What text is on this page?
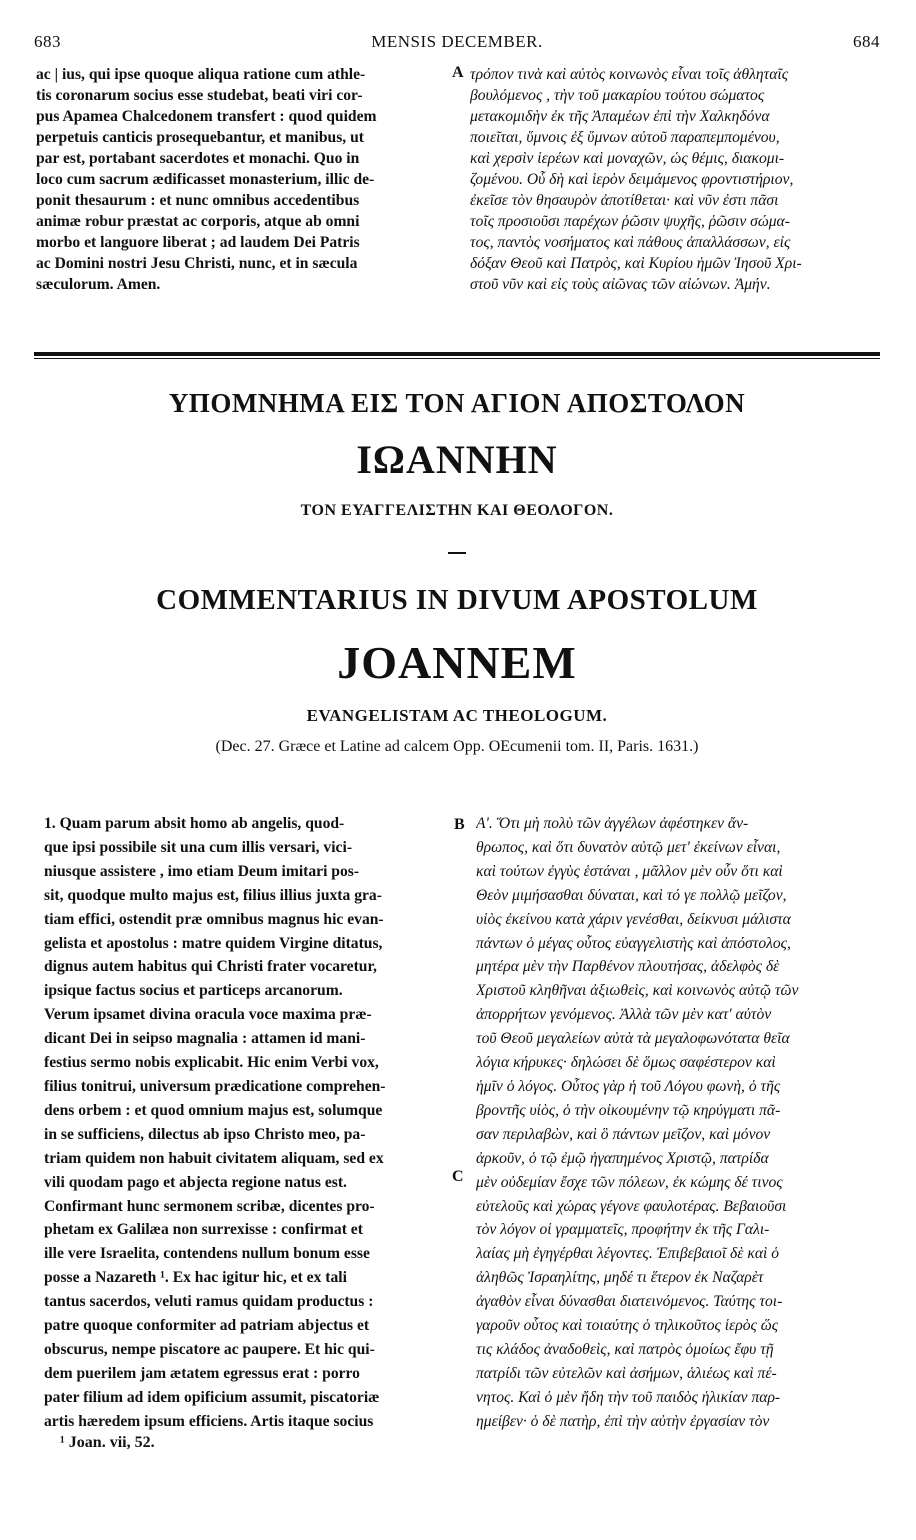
683	MENSIS DECEMBER.	684
ac | ius, qui ipse quoque aliqua ratione cum athle-
tis coronarum socius esse studebat, beati viri cor-
pus Apamea Chalcedonem transfert : quod quidem
perpetuis canticis prosequebantur, et manibus, ut
par est, portabant sacerdotes et monachi. Quo in
loco cum sacrum ædificasset monasterium, illic de-
ponit thesaurum : et nunc omnibus accedentibus
animæ robur præstat ac corporis, atque ab omni
morbo et languore liberat ; ad laudem Dei Patris
ac Domini nostri Jesu Christi, nunc, et in sæcula
sæculorum. Amen.
A τρόπον τινὰ καὶ αὐτὸς κοινωνὸς εἶναι τοῖς ἀθληταῖς
βουλόμενος , τὴν τοῦ μακαρίου τούτου σώματος
μετακομιδὴν ἐκ τῆς Ἀπαμέων ἐπὶ τὴν Χαλκηδόνα
ποιεῖται, ὕμνοις ἐξ ὕμνων αὐτοῦ παραπεμπομένου,
καὶ χερσὶν ἱερέων καὶ μοναχῶν, ὡς θέμις, διακομι-
ζομένου. Οὗ δὴ καὶ ἱερὸν δειμάμενος φροντιστήριον,
ἐκεῖσε τὸν θησαυρὸν ἀποτίθεται· καὶ νῦν ἐστι πᾶσι
τοῖς προσιοῦσι παρέχων ῥῶσιν ψυχῆς, ῥῶσιν σώμα-
τος, παντὸς νοσήματος καὶ πάθους ἀπαλλάσσων, εἰς
δόξαν Θεοῦ καὶ Πατρὸς, καὶ Κυρίου ἡμῶν Ἰησοῦ Χρι-
στοῦ νῦν καὶ εἰς τοὺς αἰῶνας τῶν αἰώνων. Ἀμήν.
ΥΠΟΜΝΗΜΑ ΕΙΣ ΤΟΝ ΑΓΙΟΝ ΑΠΟΣΤΟΛΟΝ
ΙΩΑΝΝΗΝ
ΤΟΝ ΕΥΑΓΓΕΛΙΣΤΗΝ ΚΑΙ ΘΕΟΛΟΓΟΝ.
COMMENTARIUS IN DIVUM APOSTOLUM
JOANNEM
EVANGELISTAM AC THEOLOGUM.
(Dec. 27. Græce et Latine ad calcem Opp. OEcumenii tom. II, Paris. 1631.)
1. Quam parum absit homo ab angelis, quod-
que ipsi possibile sit una cum illis versari, vici-
niusque assistere , imo etiam Deum imitari pos-
sit, quodque multo majus est, filius illius juxta gra-
tiam effici, ostendit præ omnibus magnus hic evan-
gelista et apostolus : matre quidem Virgine ditatus,
dignus autem habitus qui Christi frater vocaretur,
ipsique factus socius et particeps arcanorum.
Verum ipsamet divina oracula voce maxima præ-
dicant Dei in seipso magnalia : attamen id mani-
festius sermo nobis explicabit. Hic enim Verbi vox,
filius tonitrui, universum prædicatione comprehen-
dens orbem : et quod omnium majus est, solumque
in se sufficiens, dilectus ab ipso Christo meo, pa-
triam quidem non habuit civitatem aliquam, sed ex
vili quodam pago et abjecta regione natus est.
Confirmant hunc sermonem scribæ, dicentes pro-
phetam ex Galilæa non surrexisse : confirmat et
ille vere Israelita, contendens nullum bonum esse
posse a Nazareth ¹. Ex hac igitur hic, et ex tali
tantus sacerdos, veluti ramus quidam productus :
patre quoque conformiter ad patriam abjectus et
obscurus, nempe piscatore ac paupere. Et hic qui-
dem puerilem jam ætatem egressus erat : porro
pater filium ad idem opificium assumit, piscatoriæ
artis hæredem ipsum efficiens. Artis itaque socius
B
C
Α'. Ὅτι μὴ πολὺ τῶν ἀγγέλων ἀφέστηκεν ἄν-
θρωπος, καὶ ὅτι δυνατὸν αὐτῷ μετ' ἐκείνων εἶναι,
καὶ τούτων ἐγγὺς ἑστάναι , μᾶλλον μὲν οὖν ὅτι καὶ
Θεὸν μιμήσασθαι δύναται, καὶ τό γε πολλῷ μεῖζον,
υἱὸς ἐκείνου κατὰ χάριν γενέσθαι, δείκνυσι μάλιστα
πάντων ὁ μέγας οὗτος εὐαγγελιστὴς καὶ ἀπόστολος,
μητέρα μὲν τὴν Παρθένον πλουτήσας, ἀδελφὸς δὲ
Χριστοῦ κληθῆναι ἀξιωθεὶς, καὶ κοινωνὸς αὐτῷ τῶν
ἀπορρήτων γενόμενος. Ἀλλὰ τῶν μὲν κατ' αὐτὸν
τοῦ Θεοῦ μεγαλείων αὐτὰ τὰ μεγαλοφωνότατα θεῖα
λόγια κήρυκες· δηλώσει δὲ ὅμως σαφέστερον καὶ
ἡμῖν ὁ λόγος. Οὗτος γὰρ ἡ τοῦ Λόγου φωνὴ, ὁ τῆς
βροντῆς υἱὸς, ὁ τὴν οἰκουμένην τῷ κηρύγματι πᾶ-
σαν περιλαβὼν, καὶ ὃ πάντων μεῖζον, καὶ μόνον
ἀρκοῦν, ὁ τῷ ἐμῷ ἠγαπημένος Χριστῷ, πατρίδα
μὲν οὐδεμίαν ἔσχε τῶν πόλεων, ἐκ κώμης δέ τινος
εὐτελοῦς καὶ χώρας γέγονε φαυλοτέρας. Βεβαιοῦσι
τὸν λόγον οἱ γραμματεῖς, προφήτην ἐκ τῆς Γαλι-
λαίας μὴ ἐγηγέρθαι λέγοντες. Ἐπιβεβαιοῖ δὲ καὶ ὁ
ἀληθῶς Ἰσραηλίτης, μηδέ τι ἕτερον ἐκ Ναζαρὲτ
ἀγαθὸν εἶναι δύνασθαι διατεινόμενος. Ταύτης τοι-
γαροῦν οὗτος καὶ τοιαύτης ὁ τηλικοῦτος ἱερὸς ὥς
τις κλάδος ἀναδοθεὶς, καὶ πατρὸς ὁμοίως ἔφυ τῇ
πατρίδι τῶν εὐτελῶν καὶ ἀσήμων, ἁλιέως καὶ πέ-
νητος. Καὶ ὁ μὲν ἤδη τὴν τοῦ παιδὸς ἡλικίαν παρ-
ημείβεν· ὁ δὲ πατὴρ, ἐπὶ τὴν αὐτὴν ἐργασίαν τὸν
¹ Joan. vii, 52.
